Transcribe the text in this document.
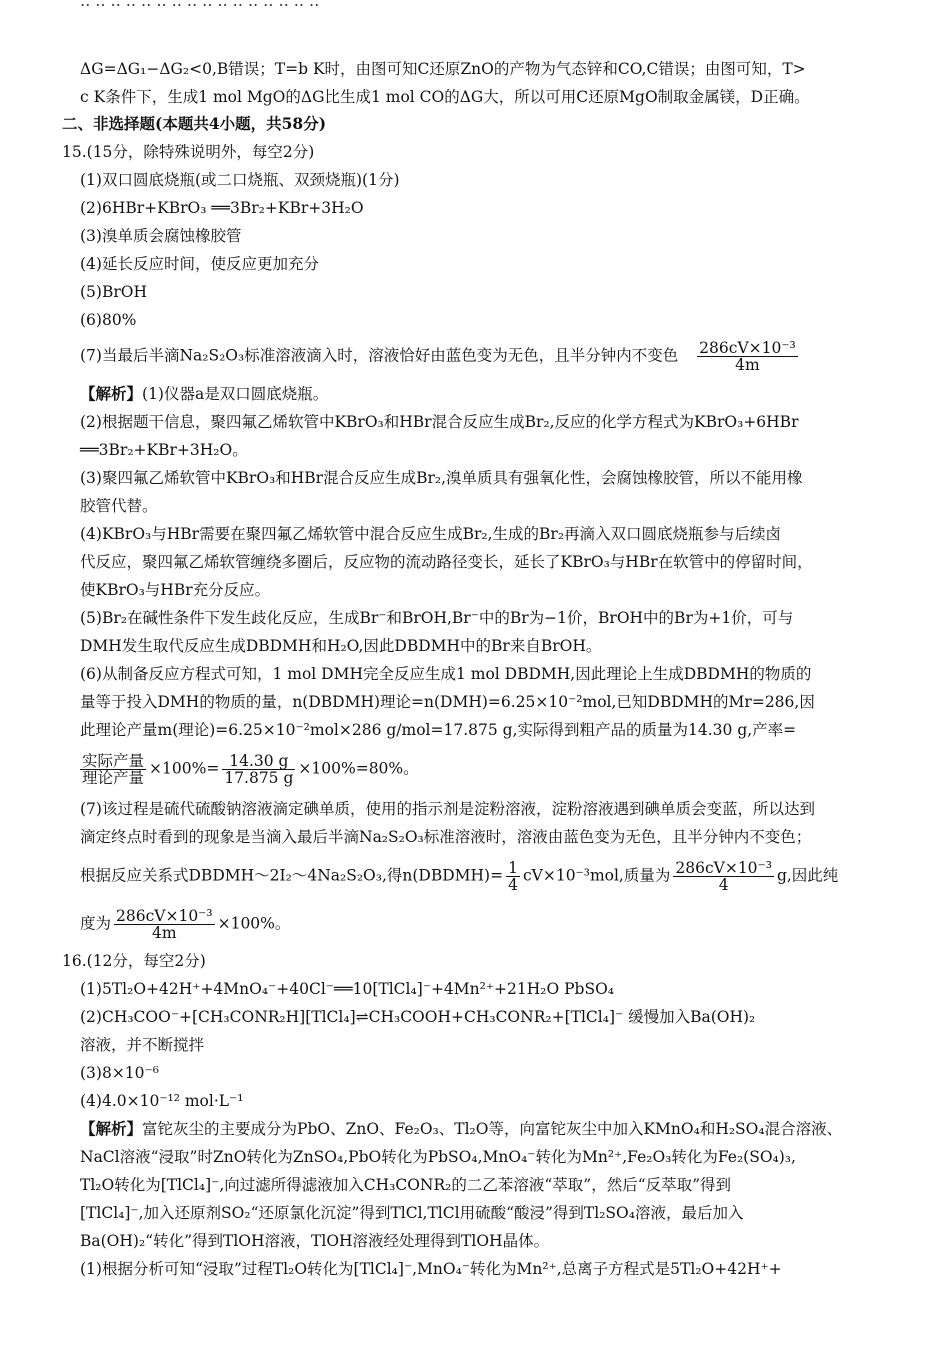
‥ ‥ ‥ ‥ ‥ ‥ ‥ ‥ ‥ ‥ ‥ ‥ ‥ ‥ ‥ ‥
ΔG=ΔG₁−ΔG₂<0,B错误；T=b K时，由图可知C还原ZnO的产物为气态锌和CO,C错误；由图可知，T>
c K条件下，生成1 mol MgO的ΔG比生成1 mol CO的ΔG大，所以可用C还原MgO制取金属镁，D正确。
二、非选择题(本题共4小题，共58分)
15.(15分，除特殊说明外，每空2分)
(1)双口圆底烧瓶(或二口烧瓶、双颈烧瓶)(1分)
(2)6HBr+KBrO₃ ══3Br₂+KBr+3H₂O
(3)溴单质会腐蚀橡胶管
(4)延长反应时间，使反应更加充分
(5)BrOH
(6)80%
(7)当最后半滴Na₂S₂O₃标准溶液滴入时，溶液恰好由蓝色变为无色，且半分钟内不变色 $\frac{\text{286cV×10⁻³}}{4m}$
【解析】(1)仪器a是双口圆底烧瓶。
(2)根据题干信息，聚四氟乙烯软管中KBrO₃和HBr混合反应生成Br₂,反应的化学方程式为KBrO₃+6HBr
══3Br₂+KBr+3H₂O。
(3)聚四氟乙烯软管中KBrO₃和HBr混合反应生成Br₂,溴单质具有强氧化性，会腐蚀橡胶管，所以不能用橡
胶管代替。
(4)KBrO₃与HBr需要在聚四氟乙烯软管中混合反应生成Br₂,生成的Br₂再滴入双口圆底烧瓶参与后续卤
代反应，聚四氟乙烯软管缠绕多圈后，反应物的流动路径变长，延长了KBrO₃与HBr在软管中的停留时间，
使KBrO₃与HBr充分反应。
(5)Br₂在碱性条件下发生歧化反应，生成Br⁻和BrOH,Br⁻中的Br为−1价，BrOH中的Br为+1价，可与
DMH发生取代反应生成DBDMH和H₂O,因此DBDMH中的Br来自BrOH。
(6)从制备反应方程式可知，1 mol DMH完全反应生成1 mol DBDMH,因此理论上生成DBDMH的物质的
量等于投入DMH的物质的量，n(DBDMH)理论=n(DMH)=6.25×10⁻²mol,已知DBDMH的Mr=286,因
此理论产量m(理论)=6.25×10⁻²mol×286 g/mol=17.875 g,实际得到粗产品的质量为14.30 g,产率=
$\frac{\text{实际产量}}{\text{理论产量}} \times 100\%= \frac{14.30 g}{17.875 g} \times 100\%=80\%$。
(7)该过程是硫代硫酸钠溶液滴定碘单质，使用的指示剂是淀粉溶液，淀粉溶液遇到碘单质会变蓝，所以达到
滴定终点时看到的现象是当滴入最后半滴Na₂S₂O₃标准溶液时，溶液由蓝色变为无色，且半分钟内不变色；
根据反应关系式DBDMH～2I₂～4Na₂S₂O₃,得n(DBDMH)= $\frac{1}{4} cV\times 10^{-3}mol$,质量为 $\frac{\text{286cV×10⁻³}}{4} g$,因此纯
度为 $\frac{\text{286cV×10⁻³}}{4m} \times 100\%$。
16.(12分，每空2分)
(1)5Tl₂O+42H⁺+4MnO₄⁻+40Cl⁻══10[TlCl₄]⁻+4Mn²⁺+21H₂O PbSO₄
(2)CH₃COO⁻+[CH₃CONR₂H][TlCl₄]⇌CH₃COOH+CH₃CONR₂+[TlCl₄]⁻ 缓慢加入Ba(OH)₂
溶液，并不断搅拌
(3)8×10⁻⁶
(4)4.0×10⁻¹² mol·L⁻¹
【解析】富铊灰尘的主要成分为PbO、ZnO、Fe₂O₃、Tl₂O等，向富铊灰尘中加入KMnO₄和H₂SO₄混合溶液、
NaCl溶液“浸取”时ZnO转化为ZnSO₄,PbO转化为PbSO₄,MnO₄⁻转化为Mn²⁺,Fe₂O₃转化为Fe₂(SO₄)₃,
Tl₂O转化为[TlCl₄]⁻,向过滤所得滤液加入CH₃CONR₂的二乙苯溶液“萃取”，然后“反萃取”得到
[TlCl₄]⁻,加入还原剂SO₂“还原氯化沉淀”得到TlCl,TlCl用硫酸“酸浸”得到Tl₂SO₄溶液，最后加入
Ba(OH)₂“转化”得到TlOH溶液，TlOH溶液经处理得到TlOH晶体。
(1)根据分析可知“浸取”过程Tl₂O转化为[TlCl₄]⁻,MnO₄⁻转化为Mn²⁺,总离子方程式是5Tl₂O+42H⁺+
